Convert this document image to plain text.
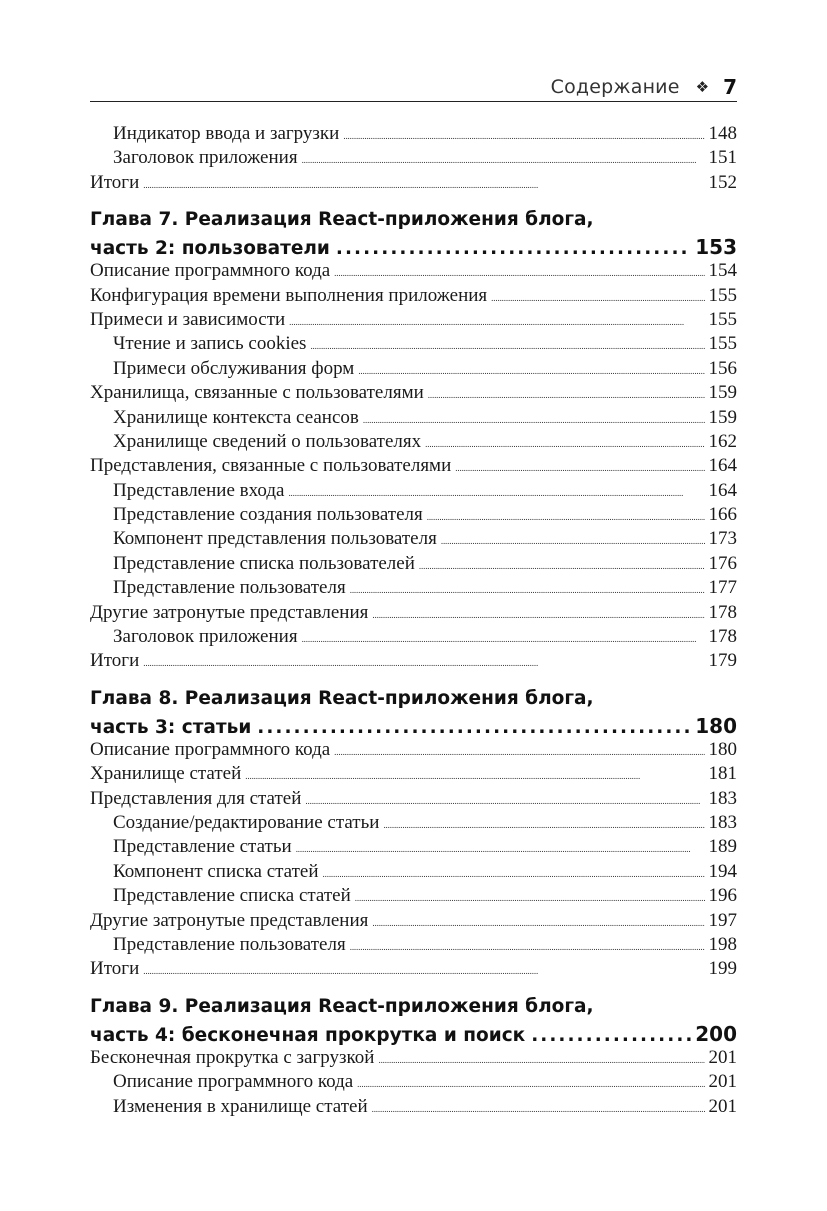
Содержание ❖ 7
Индикатор ввода и загрузки . . .	148
Заголовок приложения . . .	151
Итоги . . .	152
Глава 7. Реализация React-приложения блога,
часть 2: пользователи . . .	153
Описание программного кода . . .	154
Конфигурация времени выполнения приложения . . .	155
Примеси и зависимости . . .	155
Чтение и запись cookies . . .	155
Примеси обслуживания форм . . .	156
Хранилища, связанные с пользователями . . .	159
Хранилище контекста сеансов . . .	159
Хранилище сведений о пользователях . . .	162
Представления, связанные с пользователями . . .	164
Представление входа . . .	164
Представление создания пользователя . . .	166
Компонент представления пользователя . . .	173
Представление списка пользователей . . .	176
Представление пользователя . . .	177
Другие затронутые представления . . .	178
Заголовок приложения . . .	178
Итоги . . .	179
Глава 8. Реализация React-приложения блога,
часть 3: статьи . . .	180
Описание программного кода . . .	180
Хранилище статей . . .	181
Представления для статей . . .	183
Создание/редактирование статьи . . .	183
Представление статьи . . .	189
Компонент списка статей . . .	194
Представление списка статей . . .	196
Другие затронутые представления . . .	197
Представление пользователя . . .	198
Итоги . . .	199
Глава 9. Реализация React-приложения блога,
часть 4: бесконечная прокрутка и поиск . . .	200
Бесконечная прокрутка с загрузкой . . .	201
Описание программного кода . . .	201
Изменения в хранилище статей . . .	201
